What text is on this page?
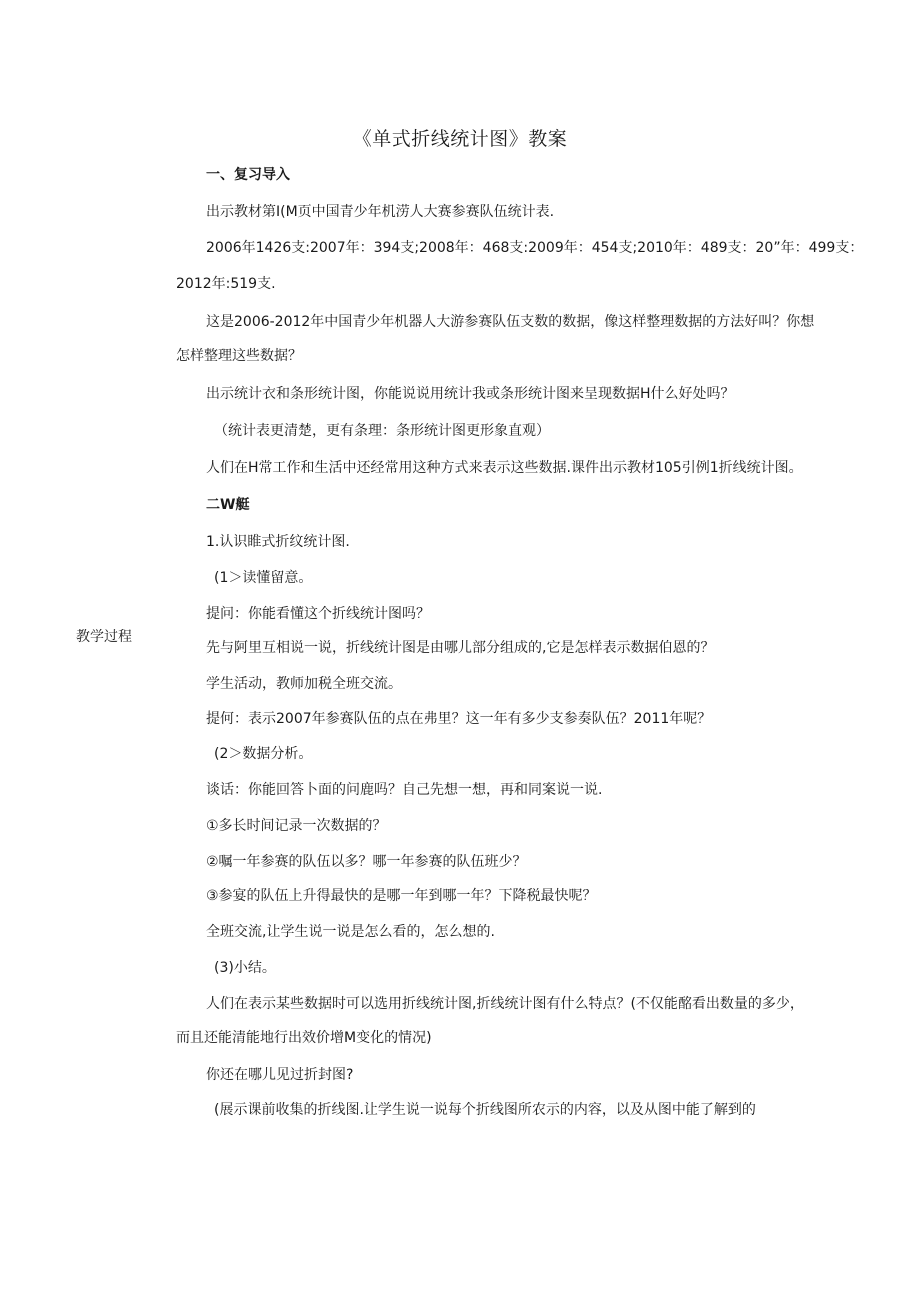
《单式折线统计图》教案
教学过程
一、复习导入
出示教材第I(M页中国青少年机涝人大赛参赛队伍统计表.
2006年1426支:2007年：394支;2008年：468支:2009年：454支;2010年：489支：20”年：499支：
2012年:519支.
这是2006-2012年中国青少年机器人大游参赛队伍支数的数据，像这样整理数据的方法好叫？你想
怎样整理这些数据？
出示统计衣和条形统计图，你能说说用统计我或条形统计图来呈现数据H什么好处吗？
（统计表更清楚，更有条理：条形统计图更形象直观）
人们在H常工作和生活中还经常用这种方式来表示这些数据.课件出示教材105引例1折线统计图。
二W艇
1.认识睢式折纹统计图.
(1＞读懂留意。
提问：你能看懂这个折线统计图吗？
先与阿里互相说一说，折线统计图是由哪儿部分组成的,它是怎样表示数据伯恩的？
学生活动，教师加税全班交流。
提何：表示2007年参赛队伍的点在弗里？这一年有多少支参奏队伍？2011年呢？
(2＞数据分析。
谈话：你能回答卜面的问鹿吗？自己先想一想，再和同案说一说.
①多长时间记录一次数据的？
②嘱一年参赛的队伍以多？哪一年参赛的队伍班少？
③参宴的队伍上升得最快的是哪一年到哪一年？下降税最快呢？
全班交流,让学生说一说是怎么看的，怎么想的.
(3)小结。
人们在表示某些数据时可以选用折线统计图,折线统计图有什么特点？(不仅能酩看出数量的多少，
而且还能清能地行出效价增M变化的情况)
你还在哪儿见过折封图?
(展示课前收集的折线图.让学生说一说每个折线图所农示的内容，以及从图中能了解到的
